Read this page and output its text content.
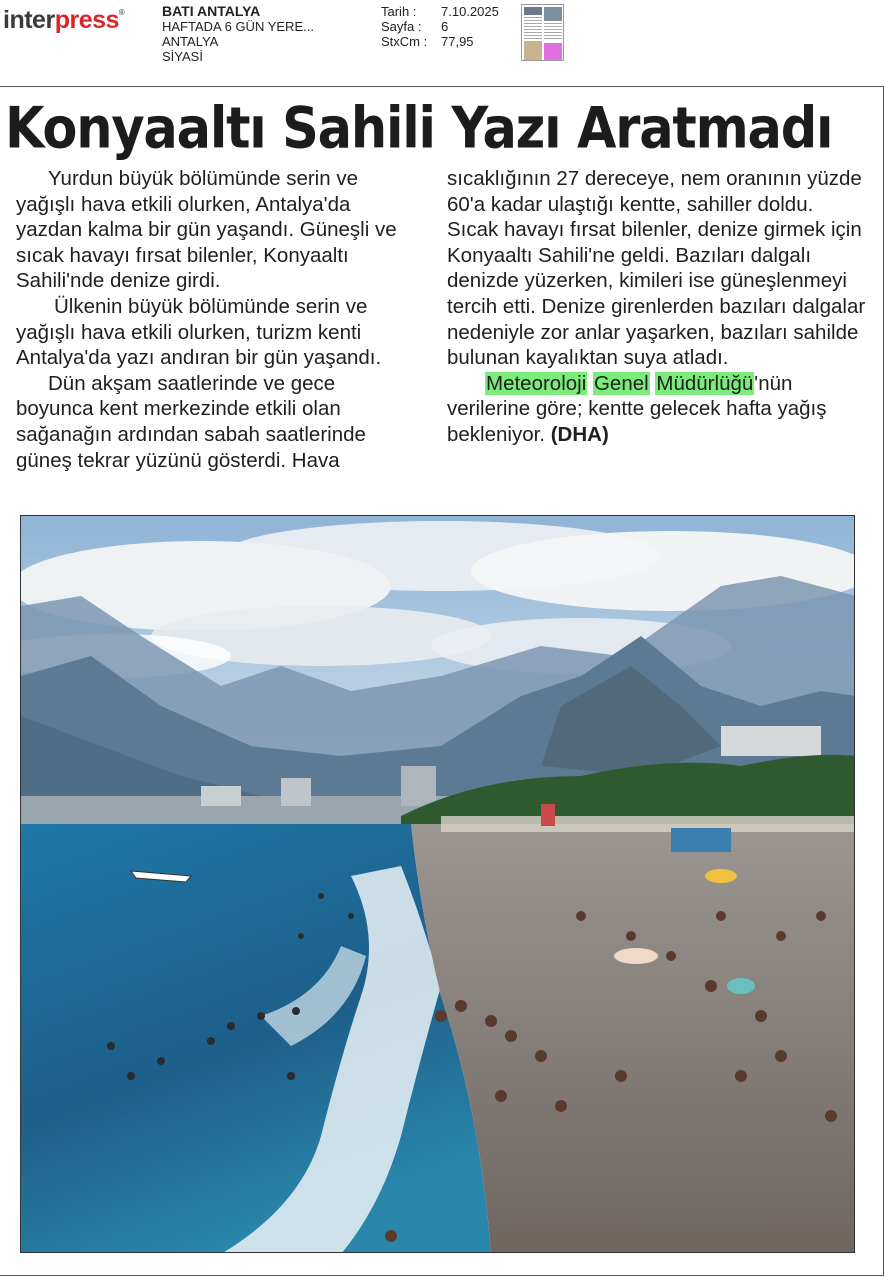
interpress®	BATI ANTALYA
HAFTADA 6 GÜN YERE...
ANTALYA
SİYASİ
Tarih :	7.10.2025
Sayfa :	6
StxCm :	77,95
Konyaaltı Sahili Yazı Aratmadı

Yurdun büyük bölümünde serin ve yağışlı hava etkili olurken, Antalya'da yazdan kalma bir gün yaşandı. Güneşli ve sıcak havayı fırsat bilenler, Konyaaltı Sahili'nde denize girdi.

Ülkenin büyük bölümünde serin ve yağışlı hava etkili olurken, turizm kenti Antalya'da yazı andıran bir gün yaşandı.

Dün akşam saatlerinde ve gece boyunca kent merkezinde etkili olan sağanağın ardından sabah saatlerinde güneş tekrar yüzünü gösterdi. Hava

sıcaklığının 27 dereceye, nem oranının yüzde 60'a kadar ulaştığı kentte, sahiller doldu. Sıcak havayı fırsat bilenler, denize girmek için Konyaaltı Sahili'ne geldi. Bazıları dalgalı denizde yüzerken, kimileri ise güneşlenmeyi tercih etti. Denize girenlerden bazıları dalgalar nedeniyle zor anlar yaşarken, bazıları sahilde bulunan kayalıktan suya atladı.

Meteoroloji Genel Müdürlüğü'nün verilerine göre; kentte gelecek hafta yağış bekleniyor. (DHA)
